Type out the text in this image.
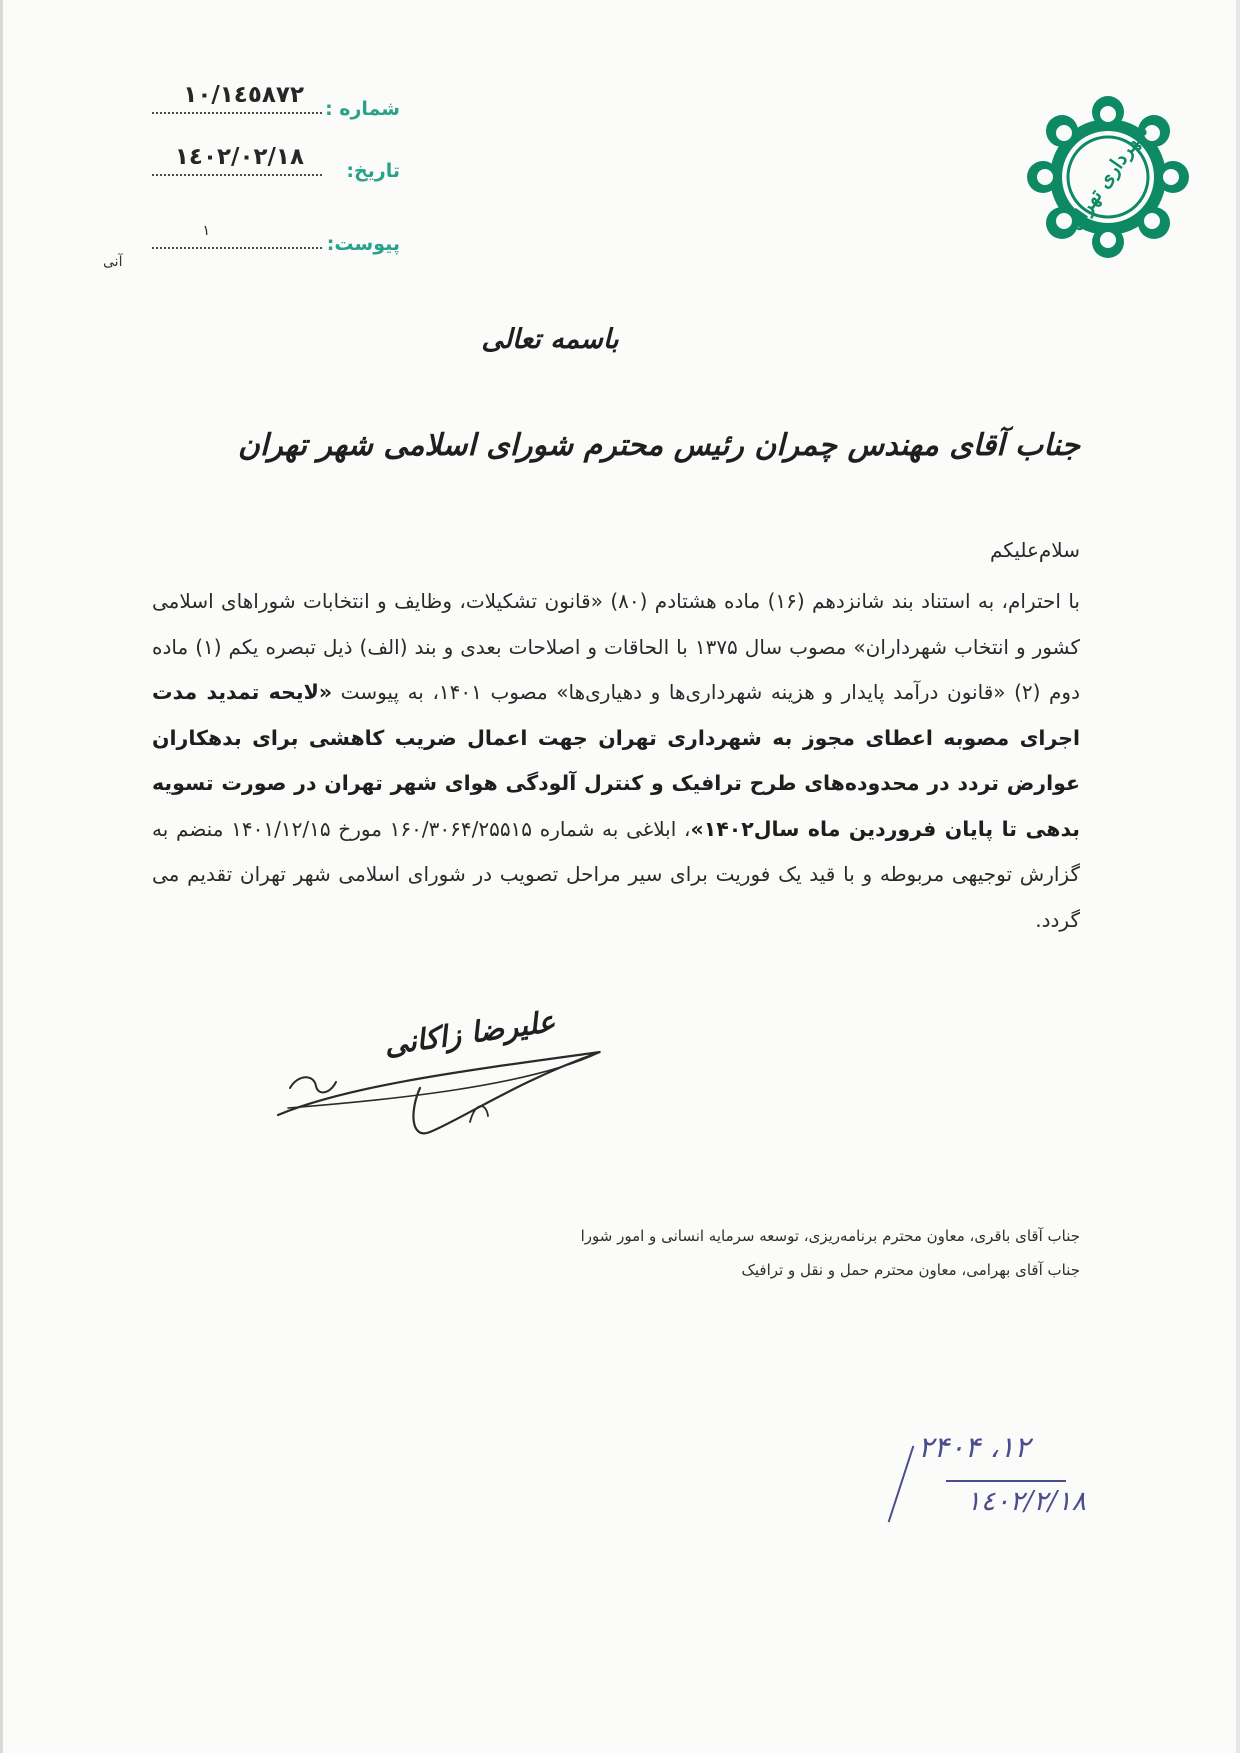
۱۰/۱٤٥٨۷۲
شماره :
۱٤۰۲/۰۲/۱۸
تاریخ:
۱
پیوست:
آنی
شهرداری تهران
باسمه تعالی
جناب آقای مهندس چمران رئیس محترم شورای اسلامی شهر تهران
سلام‌علیکم
با احترام، به استناد بند شانزدهم (۱۶) ماده هشتادم (۸۰) «قانون تشکیلات، وظایف و انتخابات شوراهای اسلامی کشور و انتخاب شهرداران» مصوب سال ۱۳۷۵ با الحاقات و اصلاحات بعدی و بند (الف) ذیل تبصره یکم (۱) ماده دوم (۲) «قانون درآمد پایدار و هزینه شهرداری‌ها و دهیاری‌ها» مصوب ۱۴۰۱، به پیوست «لایحه تمدید مدت اجرای مصوبه اعطای مجوز به شهرداری تهران جهت اعمال ضریب کاهشی برای بدهکاران عوارض تردد در محدوده‌های طرح ترافیک و کنترل آلودگی هوای شهر تهران در صورت تسویه بدهی تا پایان فروردین ماه سال۱۴۰۲»، ابلاغی به شماره ۱۶۰/۳۰۶۴/۲۵۵۱۵ مورخ ۱۴۰۱/۱۲/۱۵ منضم به گزارش توجیهی مربوطه و با قید یک فوریت برای سیر مراحل تصویب در شورای اسلامی شهر تهران تقدیم می گردد.
علیرضا زاکانی
جناب آقای باقری، معاون محترم برنامه‌ریزی، توسعه سرمایه انسانی و امور شورا
جناب آقای بهرامی، معاون محترم حمل و نقل و ترافیک
۱۲، ۲۴۰۴
۱٤۰۲/۲/۱۸
